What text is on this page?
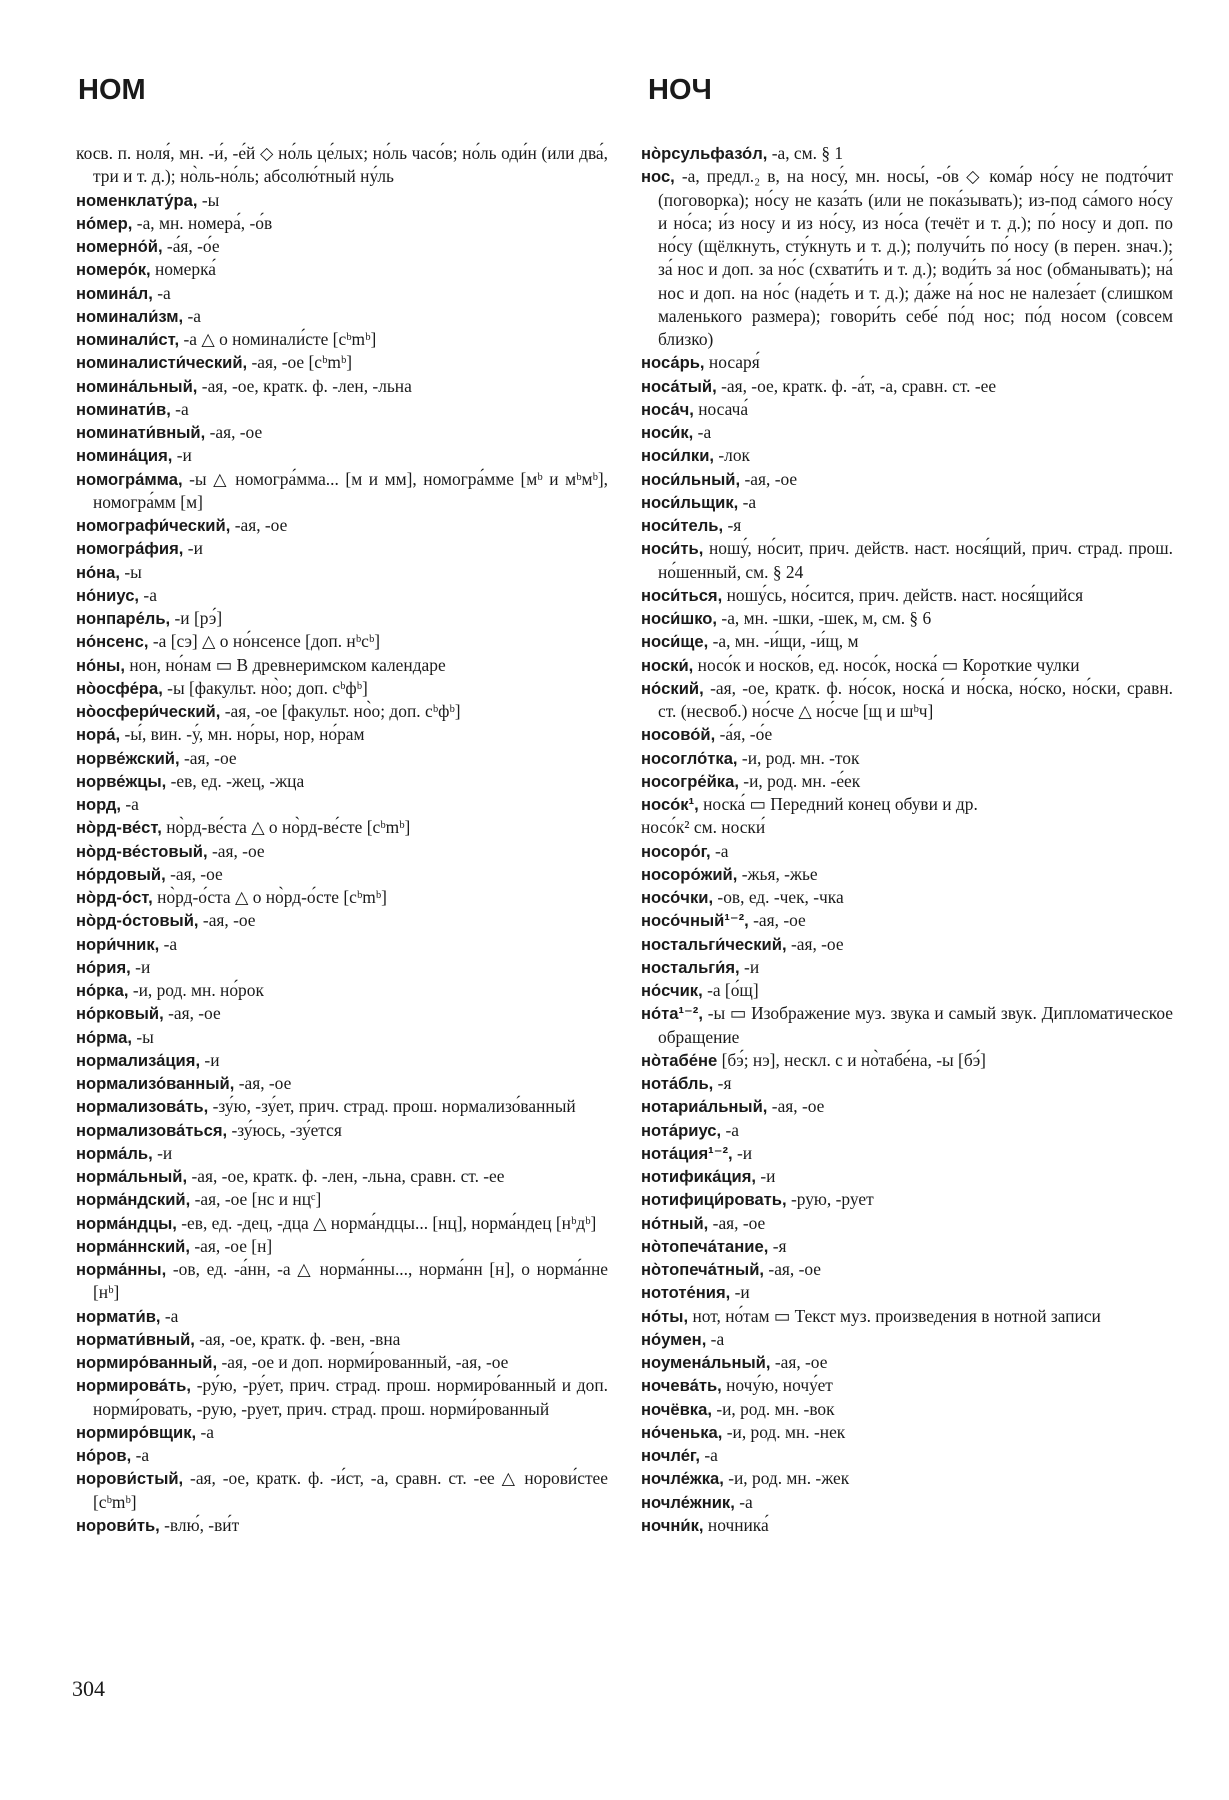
НОМ	НОЧ

косв. п. ноля́, мн. -и́, -е́й ◇ но́ль це́лых; но́ль часо́в; но́ль оди́н (или два́, три и т. д.); но̀ль-но́ль; абсолю́тный ну́ль

номенклату́ра, -ы

но́мер, -а, мн. номера́, -о́в

номерно́й, -а́я, -о́е

номеро́к, номерка́

номина́л, -а

номинали́зм, -а

номинали́ст, -а △ о номинали́сте [cᵇmᵇ]

номиналисти́ческий, -ая, -ое [cᵇmᵇ]

номина́льный, -ая, -ое, кратк. ф. -лен, -льна

номинати́в, -а

номинати́вный, -ая, -ое

номина́ция, -и

номогра́мма, -ы △ номогра́мма... [м и мм], номогра́мме [мᵇ и мᵇмᵇ], номогра́мм [м]

номографи́ческий, -ая, -ое

номогра́фия, -и

но́на, -ы

но́ниус, -а

нонпаре́ль, -и [рэ́]

но́нсенс, -а [сэ] △ о но́нсенсе [доп. нᵇсᵇ]

но́ны, нон, но́нам ▭ В древнеримском календаре

но̀осфе́ра, -ы [факульт. но̀о; доп. cᵇфᵇ]

но̀осфери́ческий, -ая, -ое [факульт. но̀о; доп. cᵇфᵇ]

нора́, -ы́, вин. -у́, мн. но́ры, нор, но́рам

норве́жский, -ая, -ое

норве́жцы, -ев, ед. -жец, -жца

норд, -а

но̀рд-ве́ст, но̀рд-ве́ста △ о но̀рд-ве́сте [cᵇmᵇ]

но̀рд-ве́стовый, -ая, -ое

но́рдовый, -ая, -ое

но̀рд-о́ст, но̀рд-о́ста △ о но̀рд-о́сте [cᵇmᵇ]

но̀рд-о́стовый, -ая, -ое

нори́чник, -а

но́рия, -и

но́рка, -и, род. мн. но́рок

но́рковый, -ая, -ое

но́рма, -ы

нормализа́ция, -и

нормализо́ванный, -ая, -ое

нормализова́ть, -зу́ю, -зу́ет, прич. страд. прош. нормализо́ванный

нормализова́ться, -зу́юсь, -зу́ется

норма́ль, -и

норма́льный, -ая, -ое, кратк. ф. -лен, -льна, сравн. ст. -ее

норма́ндский, -ая, -ое [нс и нцᶜ]

норма́ндцы, -ев, ед. -дец, -дца △ норма́ндцы... [нц], норма́ндец [нᵇдᵇ]

норма́ннский, -ая, -ое [н]

норма́нны, -ов, ед. -а́нн, -а △ норма́нны..., норма́нн [н], о норма́нне [нᵇ]

нормати́в, -а

нормати́вный, -ая, -ое, кратк. ф. -вен, -вна

нормиро́ванный, -ая, -ое и доп. норми́рованный, -ая, -ое

нормирова́ть, -ру́ю, -ру́ет, прич. страд. прош. нормиро́ванный и доп. норми́ровать, -рую, -рует, прич. страд. прош. норми́рованный

нормиро́вщик, -а

но́ров, -а

норови́стый, -ая, -ое, кратк. ф. -и́ст, -а, сравн. ст. -ее △ норови́стее [cᵇmᵇ]

норови́ть, -влю́, -ви́т

но̀рсульфазо́л, -а, см. § 1

нос, -а, предл.₂ в, на носу́, мн. носы́, -о́в ◇ кома́р но́су не подто́чит (поговорка); но́су не каза́ть (или не пока́зывать); из-под са́мого но́су и но́са; и́з носу и из но́су, из но́са (течёт и т. д.); по́ носу и доп. по но́су (щёлкнуть, сту́кнуть и т. д.); получи́ть по́ носу (в перен. знач.); за́ нос и доп. за но́с (схвати́ть и т. д.); води́ть за́ нос (обманывать); на́ нос и доп. на но́с (наде́ть и т. д.); да́же на́ нос не налеза́ет (слишком маленького размера); говори́ть себе́ по́д нос; по́д носом (совсем близко)

носа́рь, носаря́

носа́тый, -ая, -ое, кратк. ф. -а́т, -а, сравн. ст. -ее

носа́ч, носача́

носи́к, -а

носи́лки, -лок

носи́льный, -ая, -ое

носи́льщик, -а

носи́тель, -я

носи́ть, ношу́, но́сит, прич. действ. наст. нося́щий, прич. страд. прош. но́шенный, см. § 24

носи́ться, ношу́сь, но́сится, прич. действ. наст. нося́щийся

носи́шко, -а, мн. -шки, -шек, м, см. § 6

носи́ще, -а, мн. -и́щи, -и́щ, м

носки́, носо́к и носко́в, ед. носо́к, носка́ ▭ Короткие чулки

но́ский, -ая, -ое, кратк. ф. но́сок, носка́ и но́ска, но́ско, но́ски, сравн. ст. (несвоб.) но́сче △ но́сче [щ и шᵇч]

носово́й, -а́я, -о́е

носогло́тка, -и, род. мн. -ток

носогре́йка, -и, род. мн. -е́ек

носо́к¹, носка́ ▭ Передний конец обуви и др.

носо́к² см. носки́

носоро́г, -а

носоро́жий, -жья, -жье

носо́чки, -ов, ед. -чек, -чка

носо́чный¹⁻², -ая, -ое

ностальги́ческий, -ая, -ое

ностальги́я, -и

но́счик, -а [о́щ]

но́та¹⁻², -ы ▭ Изображение муз. звука и самый звук. Дипломатическое обращение

но̀табе́не [бэ́; нэ], нескл. с и но̀табе́на, -ы [бэ́]

нота́бль, -я

нотариа́льный, -ая, -ое

нота́риус, -а

нота́ция¹⁻², -и

нотифика́ция, -и

нотифици́ровать, -рую, -рует

но́тный, -ая, -ое

но̀топеча́тание, -я

но̀топеча́тный, -ая, -ое

нототе́ния, -и

но́ты, нот, но́там ▭ Текст муз. произведения в нотной записи

но́умен, -а

ноумена́льный, -ая, -ое

ночева́ть, ночу́ю, ночу́ет

ночёвка, -и, род. мн. -вок

но́ченька, -и, род. мн. -нек

ночле́г, -а

ночле́жка, -и, род. мн. -жек

ночле́жник, -а

ночни́к, ночника́

304
